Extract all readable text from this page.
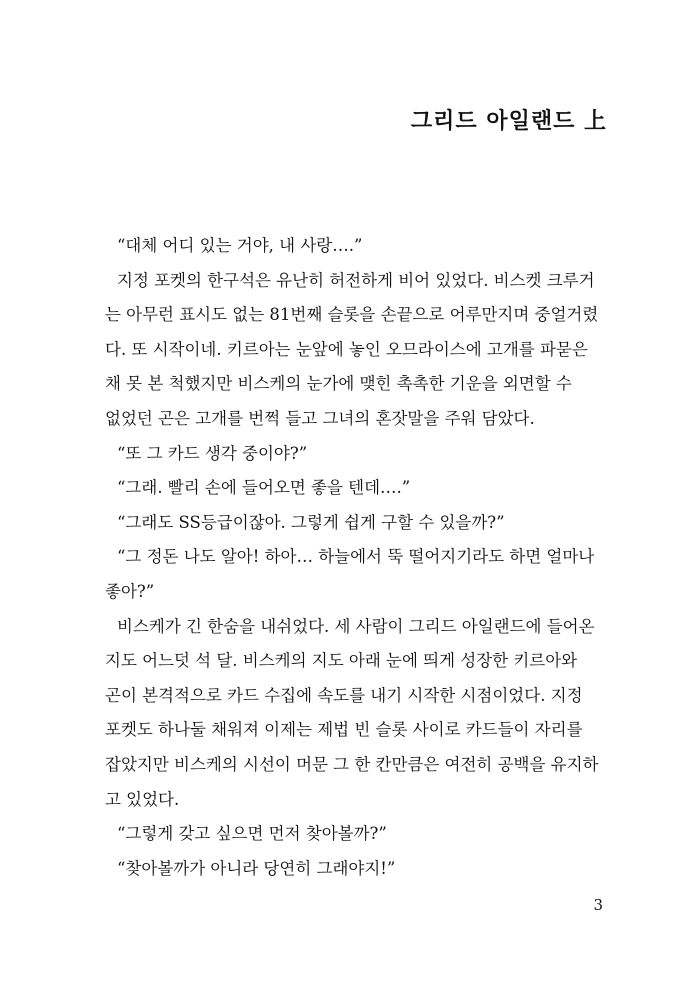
그리드 아일랜드 上
“대체 어디 있는 거야, 내 사랑….”
지정 포켓의 한구석은 유난히 허전하게 비어 있었다. 비스켓 크루거
는 아무런 표시도 없는 81번째 슬롯을 손끝으로 어루만지며 중얼거렸
다. 또 시작이네. 키르아는 눈앞에 놓인 오므라이스에 고개를 파묻은
채 못 본 척했지만 비스케의 눈가에 맺힌 촉촉한 기운을 외면할 수
없었던 곤은 고개를 번쩍 들고 그녀의 혼잣말을 주워 담았다.
“또 그 카드 생각 중이야?”
“그래. 빨리 손에 들어오면 좋을 텐데….”
“그래도 SS등급이잖아. 그렇게 쉽게 구할 수 있을까?”
“그 정돈 나도 알아! 하아… 하늘에서 뚝 떨어지기라도 하면 얼마나
좋아?”
비스케가 긴 한숨을 내쉬었다. 세 사람이 그리드 아일랜드에 들어온
지도 어느덧 석 달. 비스케의 지도 아래 눈에 띄게 성장한 키르아와
곤이 본격적으로 카드 수집에 속도를 내기 시작한 시점이었다. 지정
포켓도 하나둘 채워져 이제는 제법 빈 슬롯 사이로 카드들이 자리를
잡았지만 비스케의 시선이 머문 그 한 칸만큼은 여전히 공백을 유지하
고 있었다.
“그렇게 갖고 싶으면 먼저 찾아볼까?”
“찾아볼까가 아니라 당연히 그래야지!”
3
